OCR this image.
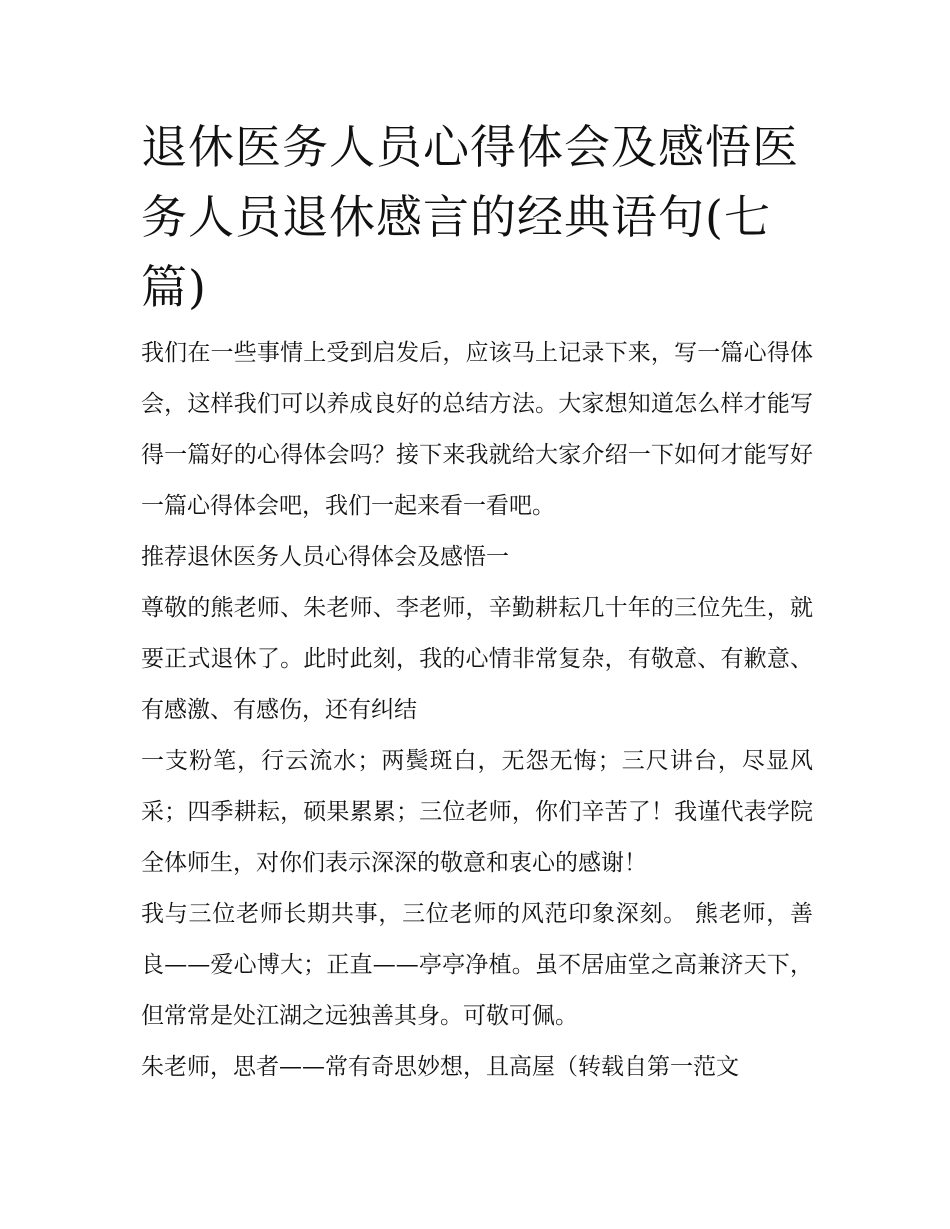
退休医务人员心得体会及感悟医务人员退休感言的经典语句(七篇)

我们在一些事情上受到启发后，应该马上记录下来，写一篇心得体会，这样我们可以养成良好的总结方法。大家想知道怎么样才能写得一篇好的心得体会吗？接下来我就给大家介绍一下如何才能写好一篇心得体会吧，我们一起来看一看吧。

推荐退休医务人员心得体会及感悟一

尊敬的熊老师、朱老师、李老师，辛勤耕耘几十年的三位先生，就要正式退休了。此时此刻，我的心情非常复杂，有敬意、有歉意、有感激、有感伤，还有纠结

一支粉笔，行云流水；两鬓斑白，无怨无悔；三尺讲台，尽显风采；四季耕耘，硕果累累；三位老师，你们辛苦了！我谨代表学院全体师生，对你们表示深深的敬意和衷心的感谢！

我与三位老师长期共事，三位老师的风范印象深刻。 熊老师，善良——爱心博大；正直——亭亭净植。虽不居庙堂之高兼济天下，但常常是处江湖之远独善其身。可敬可佩。

朱老师，思者——常有奇思妙想，且高屋（转载自第一范文
